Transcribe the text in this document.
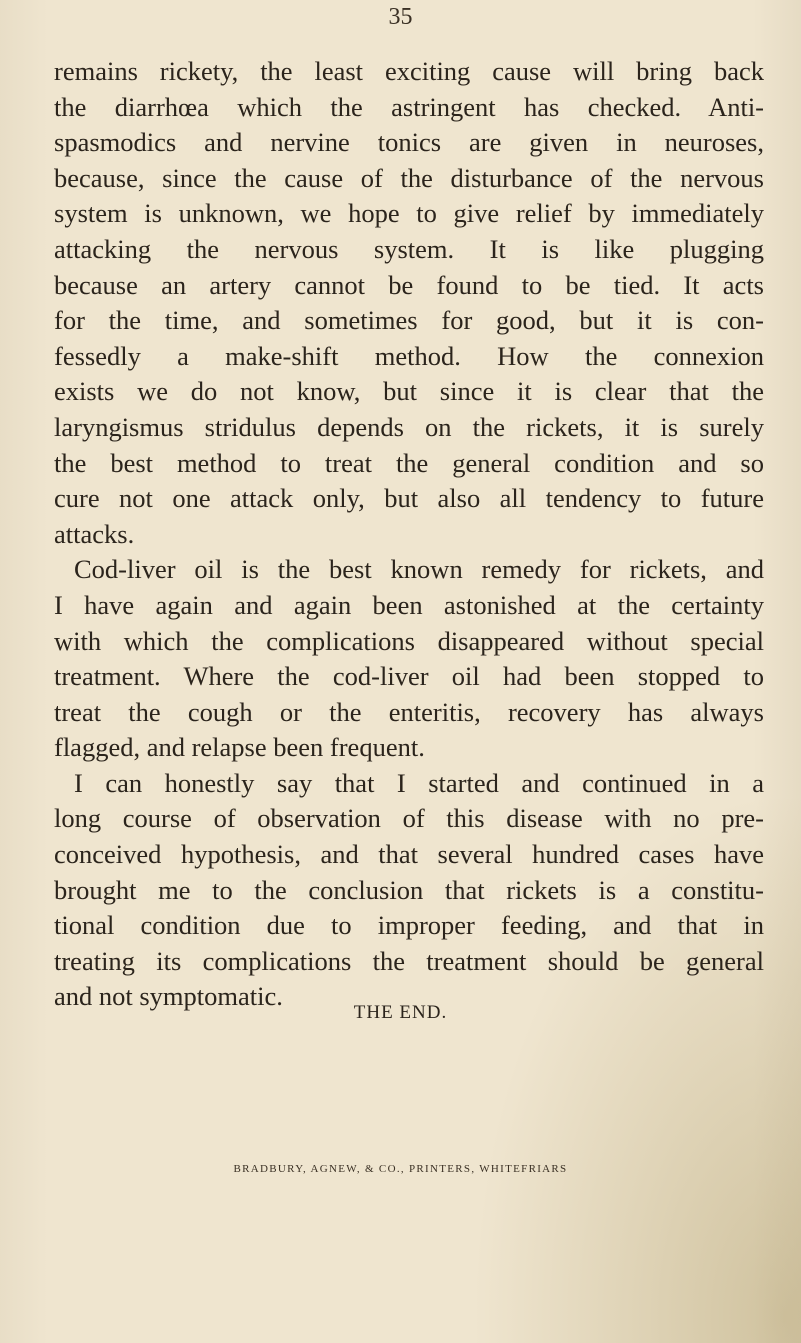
35
remains rickety, the least exciting cause will bring back
the diarrhœa which the astringent has checked. Anti-
spasmodics and nervine tonics are given in neuroses,
because, since the cause of the disturbance of the nervous
system is unknown, we hope to give relief by immediately
attacking the nervous system. It is like plugging
because an artery cannot be found to be tied. It acts
for the time, and sometimes for good, but it is con-
fessedly a make-shift method. How the connexion
exists we do not know, but since it is clear that the
laryngismus stridulus depends on the rickets, it is surely
the best method to treat the general condition and so
cure not one attack only, but also all tendency to future
attacks.
Cod-liver oil is the best known remedy for rickets, and
I have again and again been astonished at the certainty
with which the complications disappeared without special
treatment. Where the cod-liver oil had been stopped to
treat the cough or the enteritis, recovery has always
flagged, and relapse been frequent.
I can honestly say that I started and continued in a
long course of observation of this disease with no pre-
conceived hypothesis, and that several hundred cases have
brought me to the conclusion that rickets is a constitu-
tional condition due to improper feeding, and that in
treating its complications the treatment should be general
and not symptomatic.
THE END.
BRADBURY, AGNEW, & CO., PRINTERS, WHITEFRIARS
